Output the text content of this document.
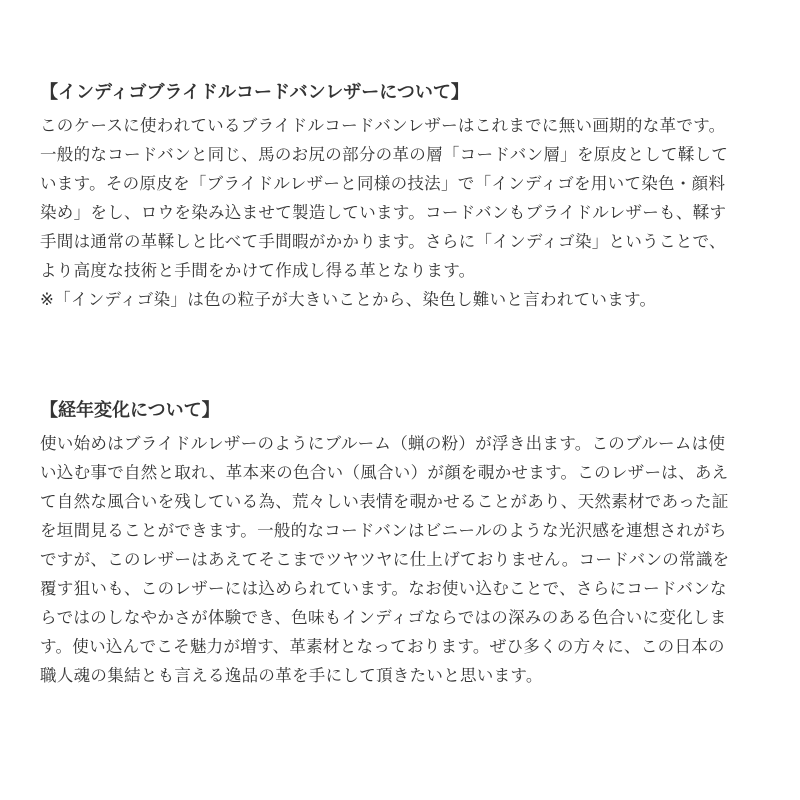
【インディゴブライドルコードバンレザーについて】

このケースに使われているブライドルコードバンレザーはこれまでに無い画期的な革です。

一般的なコードバンと同じ、馬のお尻の部分の革の層「コードバン層」を原皮として鞣して

います。その原皮を「ブライドルレザーと同様の技法」で「インディゴを用いて染色・顔料

染め」をし、ロウを染み込ませて製造しています。コードバンもブライドルレザーも、鞣す

手間は通常の革鞣しと比べて手間暇がかかります。さらに「インディゴ染」ということで、

より高度な技術と手間をかけて作成し得る革となります。

※「インディゴ染」は色の粒子が大きいことから、染色し難いと言われています。

【経年変化について】

使い始めはブライドルレザーのようにブルーム（蝋の粉）が浮き出ます。このブルームは使

い込む事で自然と取れ、革本来の色合い（風合い）が顔を覗かせます。このレザーは、あえ

て自然な風合いを残している為、荒々しい表情を覗かせることがあり、天然素材であった証

を垣間見ることができます。一般的なコードバンはビニールのような光沢感を連想されがち

ですが、このレザーはあえてそこまでツヤツヤに仕上げておりません。コードバンの常識を

覆す狙いも、このレザーには込められています。なお使い込むことで、さらにコードバンな

らではのしなやかさが体験でき、色味もインディゴならではの深みのある色合いに変化しま

す。使い込んでこそ魅力が増す、革素材となっております。ぜひ多くの方々に、この日本の

職人魂の集結とも言える逸品の革を手にして頂きたいと思います。
